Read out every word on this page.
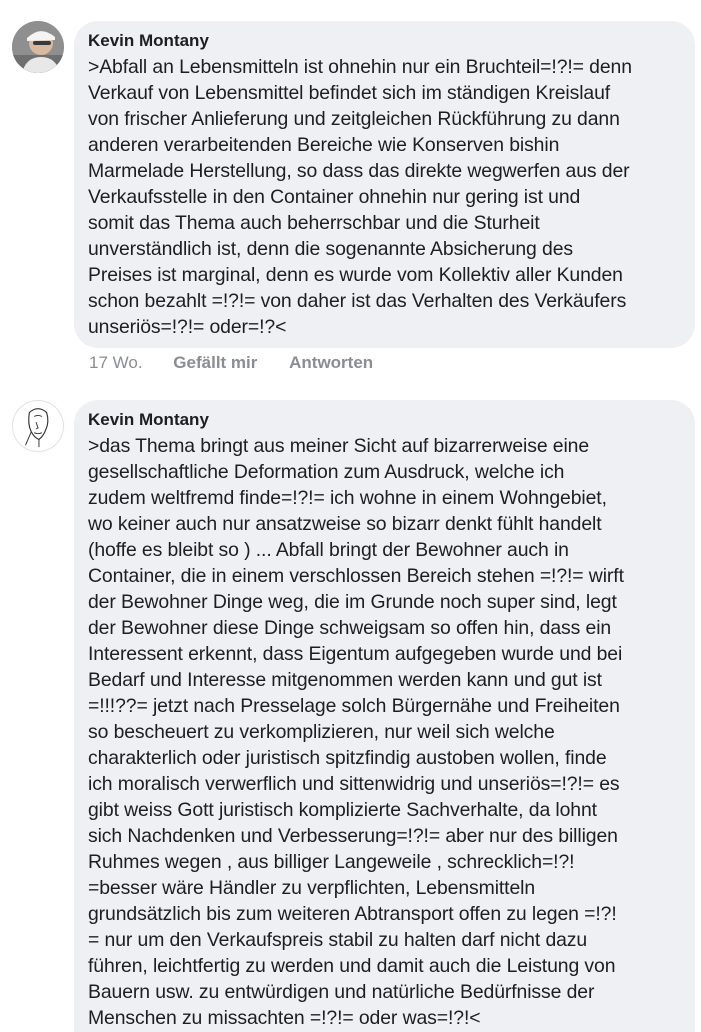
Kevin Montany
>Abfall an Lebensmitteln ist ohnehin nur ein Bruchteil=!?!= denn
Verkauf von Lebensmittel befindet sich im ständigen Kreislauf
von frischer Anlieferung und zeitgleichen Rückführung zu dann
anderen verarbeitenden Bereiche wie Konserven bishin
Marmelade Herstellung, so dass das direkte wegwerfen aus der
Verkaufsstelle in den Container ohnehin nur gering ist und
somit das Thema auch beherrschbar und die Sturheit
unverständlich ist, denn die sogenannte Absicherung des
Preises ist marginal, denn es wurde vom Kollektiv aller Kunden
schon bezahlt =!?!= von daher ist das Verhalten des Verkäufers
unseriös=!?!= oder=!?<
17 Wo. Gefällt mir Antworten
Kevin Montany
>das Thema bringt aus meiner Sicht auf bizarrerweise eine
gesellschaftliche Deformation zum Ausdruck, welche ich
zudem weltfremd finde=!?!= ich wohne in einem Wohngebiet,
wo keiner auch nur ansatzweise so bizarr denkt fühlt handelt
(hoffe es bleibt so ) ... Abfall bringt der Bewohner auch in
Container, die in einem verschlossen Bereich stehen =!?!= wirft
der Bewohner Dinge weg, die im Grunde noch super sind, legt
der Bewohner diese Dinge schweigsam so offen hin, dass ein
Interessent erkennt, dass Eigentum aufgegeben wurde und bei
Bedarf und Interesse mitgenommen werden kann und gut ist
=!!!??= jetzt nach Presselage solch Bürgernähe und Freiheiten
so bescheuert zu verkomplizieren, nur weil sich welche
charakterlich oder juristisch spitzfindig austoben wollen, finde
ich moralisch verwerflich und sittenwidrig und unseriös=!?!= es
gibt weiss Gott juristisch komplizierte Sachverhalte, da lohnt
sich Nachdenken und Verbesserung=!?!= aber nur des billigen
Ruhmes wegen , aus billiger Langeweile , schrecklich=!?!
=besser wäre Händler zu verpflichten, Lebensmitteln
grundsätzlich bis zum weiteren Abtransport offen zu legen =!?!
= nur um den Verkaufspreis stabil zu halten darf nicht dazu
führen, leichtfertig zu werden und damit auch die Leistung von
Bauern usw. zu entwürdigen und natürliche Bedürfnisse der
Menschen zu missachten =!?!= oder was=!?!<
